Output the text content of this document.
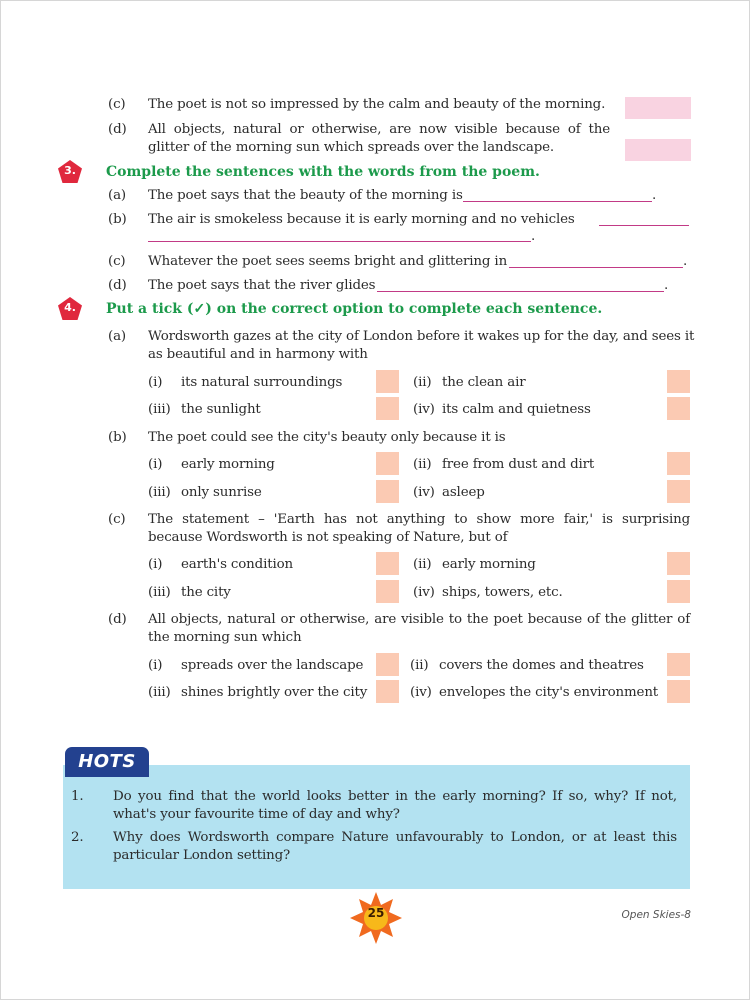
(c)	The poet is not so impressed by the calm and beauty of the morning.
(d)	All objects, natural or otherwise, are now visible because of the
glitter of the morning sun which spreads over the landscape.
3.	Complete the sentences with the words from the poem.
(a)	The poet says that the beauty of the morning is	.
(b)	The air is smokeless because it is early morning and no vehicles
.
(c)	Whatever the poet sees seems bright and glittering in	.
(d)	The poet says that the river glides	.
4.	Put a tick (✓) on the correct option to complete each sentence.
(a)	Wordsworth gazes at the city of London before it wakes up for the day, and sees it
as beautiful and in harmony with
(i) its natural surroundings	(ii) the clean air
(iii) the sunlight	(iv) its calm and quietness
(b)	The poet could see the city's beauty only because it is
(i) early morning	(ii) free from dust and dirt
(iii) only sunrise	(iv) asleep
(c)	The statement – 'Earth has not anything to show more fair,' is surprising
because Wordsworth is not speaking of Nature, but of
(i) earth's condition	(ii) early morning
(iii) the city	(iv) ships, towers, etc.
(d)	All objects, natural or otherwise, are visible to the poet because of the glitter of
the morning sun which
(i) spreads over the landscape	(ii) covers the domes and theatres
(iii) shines brightly over the city	(iv) envelopes the city's environment
HOTS
1. Do you find that the world looks better in the early morning? If so, why? If not,
what's your favourite time of day and why?
2. Why does Wordsworth compare Nature unfavourably to London, or at least this
particular London setting?
25	Open Skies-8
